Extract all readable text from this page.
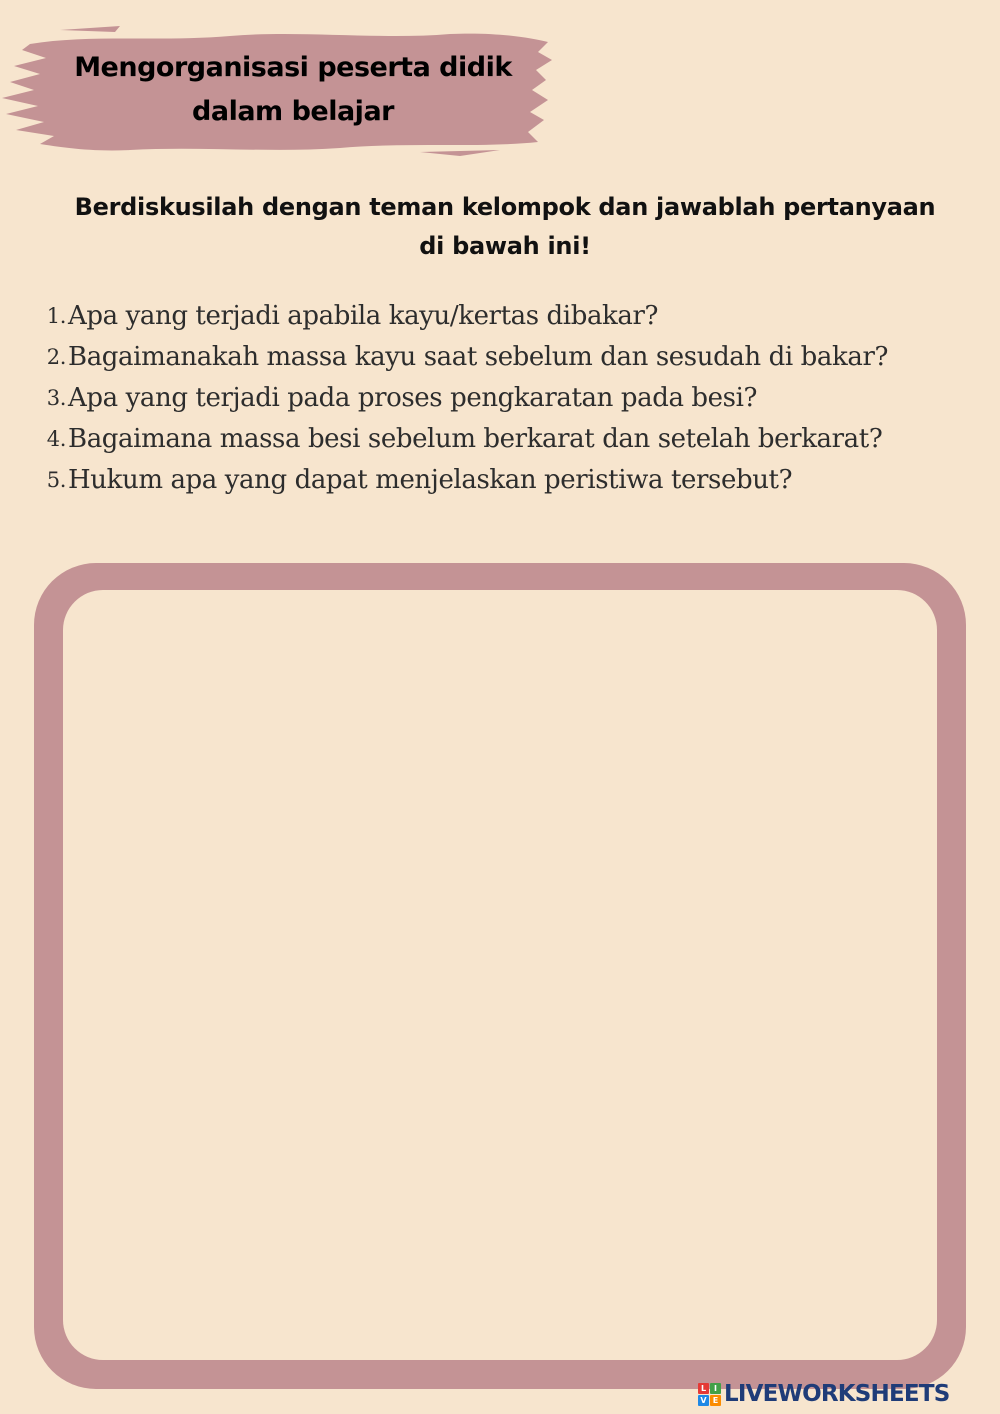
Mengorganisasi peserta didik
dalam belajar
Berdiskusilah dengan teman kelompok dan jawablah pertanyaan
di bawah ini!
1. Apa yang terjadi apabila kayu/kertas dibakar?
2. Bagaimanakah massa kayu saat sebelum dan sesudah di bakar?
3. Apa yang terjadi pada proses pengkaratan pada besi?
4. Bagaimana massa besi sebelum berkarat dan setelah berkarat?
5. Hukum apa yang dapat menjelaskan peristiwa tersebut?
L I
V E LIVEWORKSHEETS
